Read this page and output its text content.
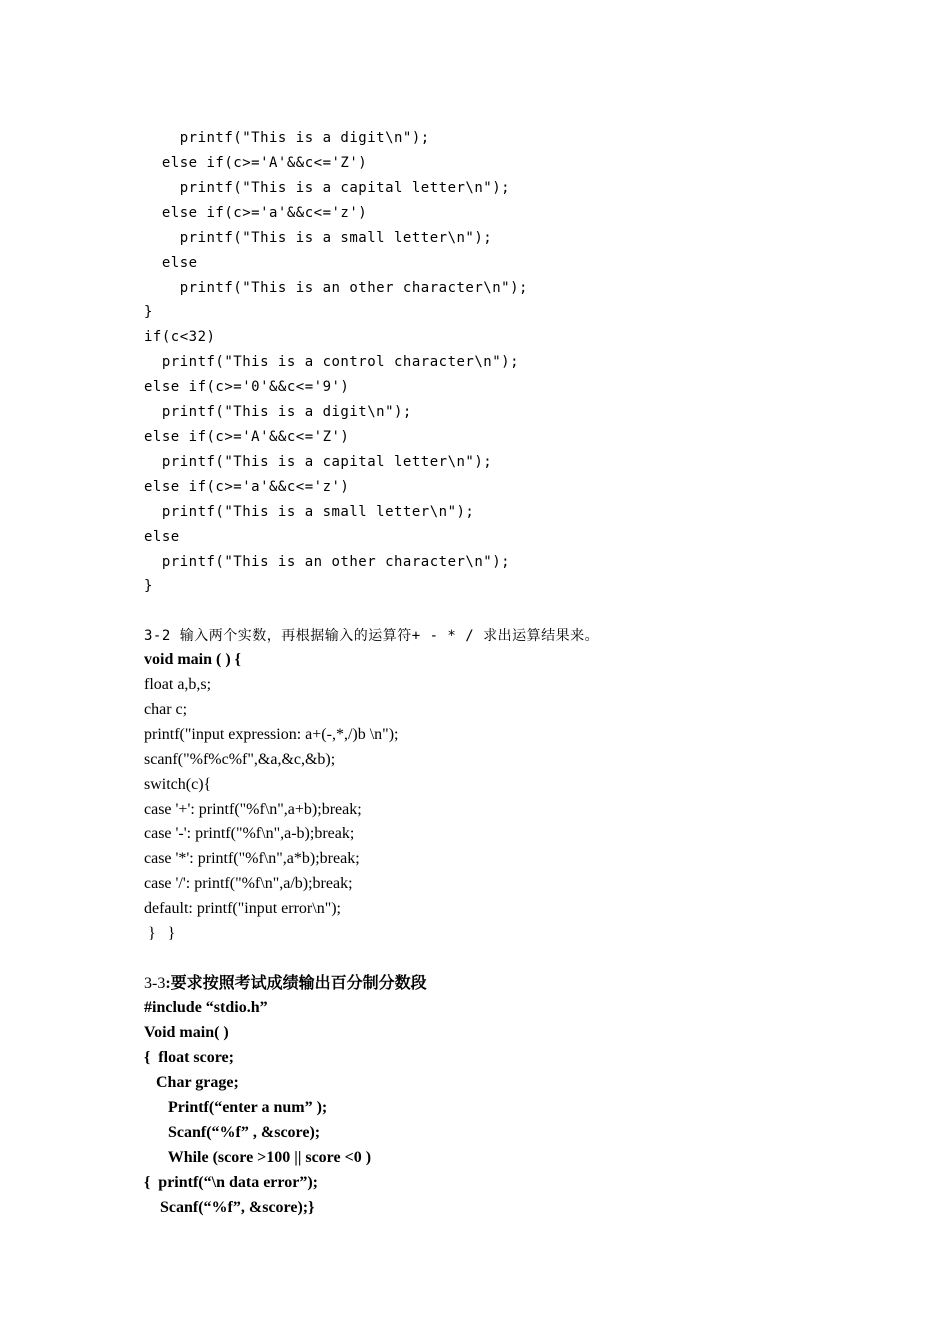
printf("This is a digit\n");
else if(c>='A'&&c<='Z')
printf("This is a capital letter\n");
else if(c>='a'&&c<='z')
printf("This is a small letter\n");
else
printf("This is an other character\n");
}
if(c<32)
printf("This is a control character\n");
else if(c>='0'&&c<='9')
printf("This is a digit\n");
else if(c>='A'&&c<='Z')
printf("This is a capital letter\n");
else if(c>='a'&&c<='z')
printf("This is a small letter\n");
else
printf("This is an other character\n");
}
3-2 输入两个实数，再根据输入的运算符+ - * / 求出运算结果来。
void main ( ) {
float a,b,s;
char c;
printf("input expression: a+(-,*,/)b \n");
scanf("%f%c%f",&a,&c,&b);
switch(c){
case '+': printf("%f\n",a+b);break;
case '-': printf("%f\n",a-b);break;
case '*': printf("%f\n",a*b);break;
case '/': printf("%f\n",a/b);break;
default: printf("input error\n");
}   }
3-3:要求按照考试成绩输出百分制分数段
#include “stdio.h”
Void main( )
{  float score;
Char grage;
Printf(“enter a num” );
Scanf(“%f” , &score);
While (score >100 || score <0 )
{  printf(“\n data error”);
Scanf(“%f”, &score);}
